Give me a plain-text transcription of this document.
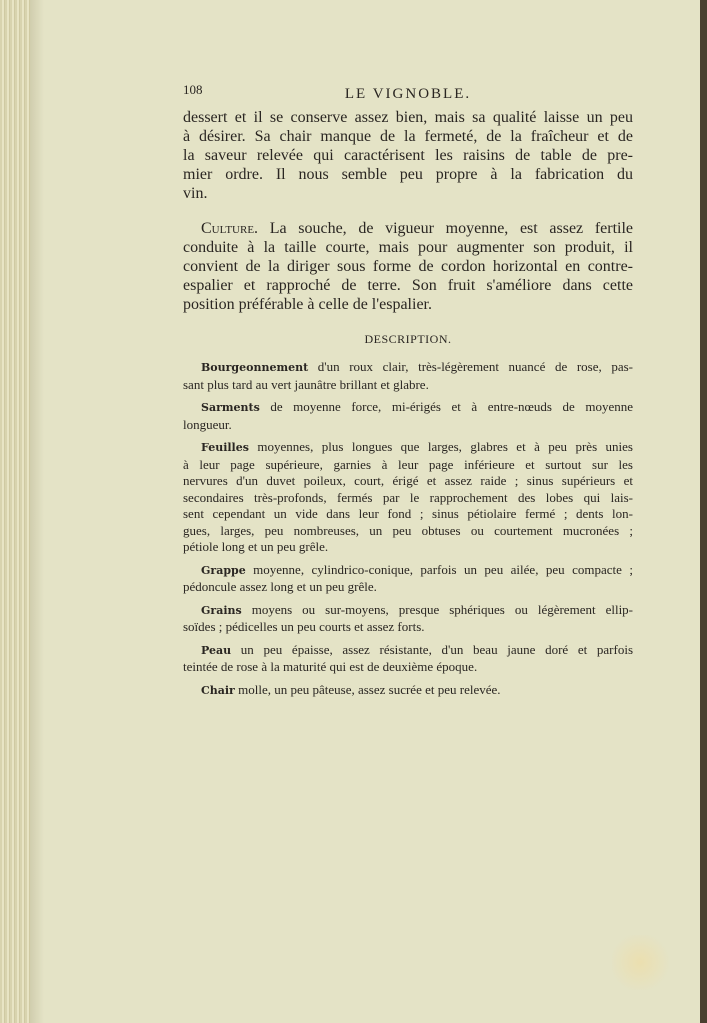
108	LE VIGNOBLE.
dessert et il se conserve assez bien, mais sa qualité laisse un peu
à désirer. Sa chair manque de la fermeté, de la fraîcheur et de
la saveur relevée qui caractérisent les raisins de table de pre-
mier ordre. Il nous semble peu propre à la fabrication du
vin.
Culture. La souche, de vigueur moyenne, est assez fertile
conduite à la taille courte, mais pour augmenter son produit, il
convient de la diriger sous forme de cordon horizontal en contre-
espalier et rapproché de terre. Son fruit s'améliore dans cette
position préférable à celle de l'espalier.
DESCRIPTION.
Bourgeonnement d'un roux clair, très-légèrement nuancé de rose, pas-
sant plus tard au vert jaunâtre brillant et glabre.
Sarments de moyenne force, mi-érigés et à entre-nœuds de moyenne
longueur.
Feuilles moyennes, plus longues que larges, glabres et à peu près unies
à leur page supérieure, garnies à leur page inférieure et surtout sur les
nervures d'un duvet poileux, court, érigé et assez raide ; sinus supérieurs et
secondaires très-profonds, fermés par le rapprochement des lobes qui lais-
sent cependant un vide dans leur fond ; sinus pétiolaire fermé ; dents lon-
gues, larges, peu nombreuses, un peu obtuses ou courtement mucronées ;
pétiole long et un peu grêle.
Grappe moyenne, cylindrico-conique, parfois un peu ailée, peu compacte ;
pédoncule assez long et un peu grêle.
Grains moyens ou sur-moyens, presque sphériques ou légèrement ellip-
soïdes ; pédicelles un peu courts et assez forts.
Peau un peu épaisse, assez résistante, d'un beau jaune doré et parfois
teintée de rose à la maturité qui est de deuxième époque.
Chair molle, un peu pâteuse, assez sucrée et peu relevée.
